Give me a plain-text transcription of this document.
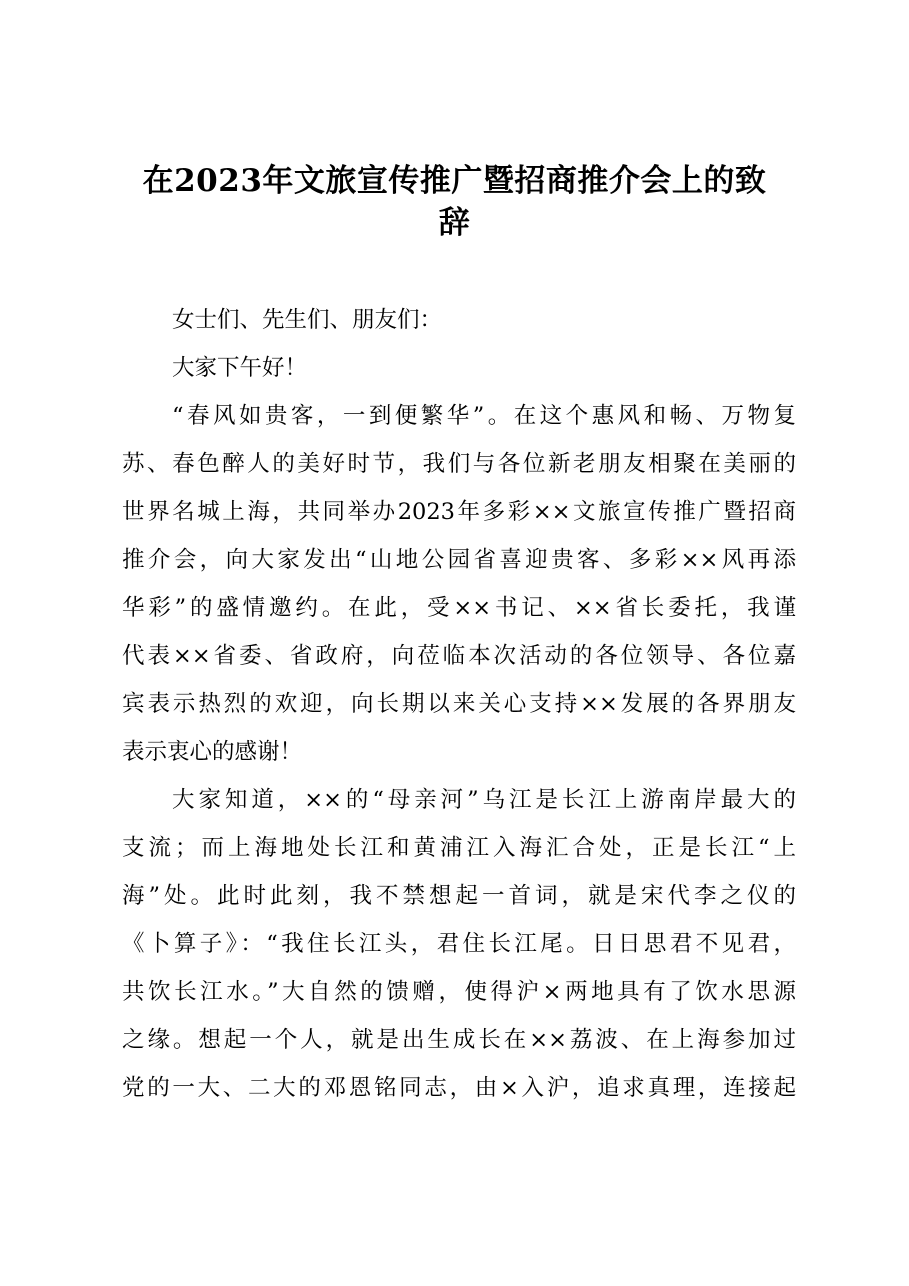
在2023年文旅宣传推广暨招商推介会上的致
辞
女士们、先生们、朋友们：
大家下午好！
“春风如贵客，一到便繁华”。在这个惠风和畅、万物复
苏、春色醉人的美好时节，我们与各位新老朋友相聚在美丽的
世界名城上海，共同举办2023年多彩××文旅宣传推广暨招商
推介会，向大家发出“山地公园省喜迎贵客、多彩××风再添
华彩”的盛情邀约。在此，受××书记、××省长委托，我谨
代表××省委、省政府，向莅临本次活动的各位领导、各位嘉
宾表示热烈的欢迎，向长期以来关心支持××发展的各界朋友
表示衷心的感谢！
大家知道，××的“母亲河”乌江是长江上游南岸最大的
支流；而上海地处长江和黄浦江入海汇合处，正是长江“上
海”处。此时此刻，我不禁想起一首词，就是宋代李之仪的
《卜算子》：“我住长江头，君住长江尾。日日思君不见君，
共饮长江水。”大自然的馈赠，使得沪×两地具有了饮水思源
之缘。想起一个人，就是出生成长在××荔波、在上海参加过
党的一大、二大的邓恩铭同志，由×入沪，追求真理，连接起
